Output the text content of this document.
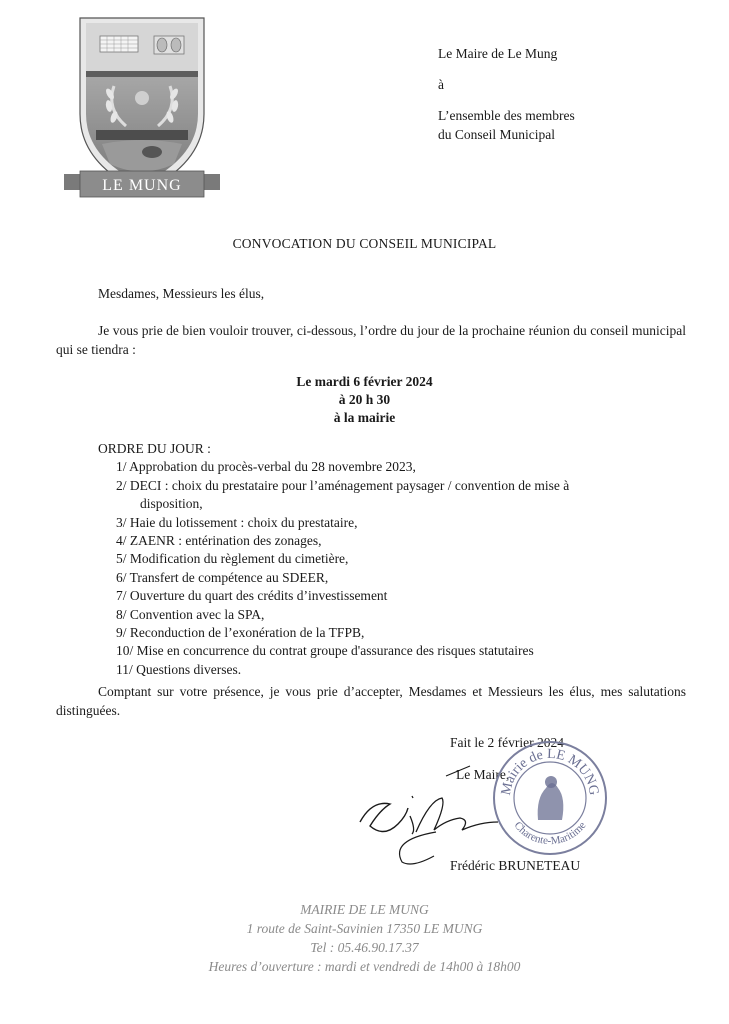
LE MUNG
Le Maire de Le Mung
à
L’ensemble des membres
du Conseil Municipal
CONVOCATION DU CONSEIL MUNICIPAL
Mesdames, Messieurs les élus,
Je vous prie de bien vouloir trouver, ci-dessous, l’ordre du jour de la prochaine réunion du conseil municipal qui se tiendra :
Le mardi 6 février 2024
à 20 h 30
à la mairie
ORDRE DU JOUR :
1/ Approbation du procès-verbal du 28 novembre 2023,
2/ DECI : choix du prestataire pour l’aménagement paysager / convention de mise à
disposition,
3/ Haie du lotissement : choix du prestataire,
4/ ZAENR : entérination des zonages,
5/ Modification du règlement du cimetière,
6/ Transfert de compétence au SDEER,
7/ Ouverture du quart des crédits d’investissement
8/ Convention avec la SPA,
9/ Reconduction de l’exonération de la TFPB,
10/ Mise en concurrence du contrat groupe d'assurance des risques statutaires
11/ Questions diverses.
Comptant sur votre présence, je vous prie d’accepter, Mesdames et Messieurs les élus, mes salutations distinguées.
Fait le 2 février 2024
Le Maire,
Mairie de LE MUNG
Charente-Maritime
Frédéric BRUNETEAU
MAIRIE DE LE MUNG
1 route de Saint-Savinien 17350 LE MUNG
Tel : 05.46.90.17.37
Heures d’ouverture : mardi et vendredi de 14h00 à 18h00
